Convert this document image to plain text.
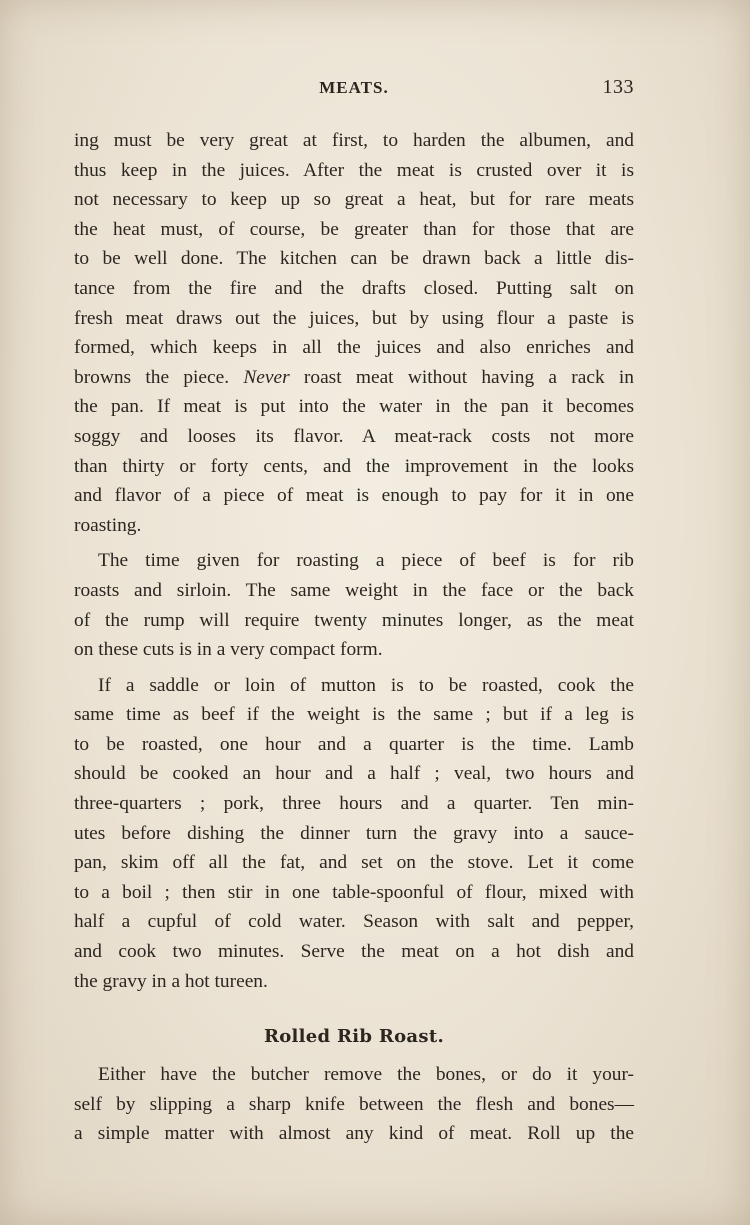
MEATS.	133
ing must be very great at first, to harden the albumen, and
thus keep in the juices. After the meat is crusted over it is
not necessary to keep up so great a heat, but for rare meats
the heat must, of course, be greater than for those that are
to be well done. The kitchen can be drawn back a little dis-
tance from the fire and the drafts closed. Putting salt on
fresh meat draws out the juices, but by using flour a paste is
formed, which keeps in all the juices and also enriches and
browns the piece. Never roast meat without having a rack in
the pan. If meat is put into the water in the pan it becomes
soggy and looses its flavor. A meat-rack costs not more
than thirty or forty cents, and the improvement in the looks
and flavor of a piece of meat is enough to pay for it in one
roasting.
The time given for roasting a piece of beef is for rib
roasts and sirloin. The same weight in the face or the back
of the rump will require twenty minutes longer, as the meat
on these cuts is in a very compact form.
If a saddle or loin of mutton is to be roasted, cook the
same time as beef if the weight is the same ; but if a leg is
to be roasted, one hour and a quarter is the time. Lamb
should be cooked an hour and a half ; veal, two hours and
three-quarters ; pork, three hours and a quarter. Ten min-
utes before dishing the dinner turn the gravy into a sauce-
pan, skim off all the fat, and set on the stove. Let it come
to a boil ; then stir in one table-spoonful of flour, mixed with
half a cupful of cold water. Season with salt and pepper,
and cook two minutes. Serve the meat on a hot dish and
the gravy in a hot tureen.
Rolled Rib Roast.
Either have the butcher remove the bones, or do it your-
self by slipping a sharp knife between the flesh and bones—
a simple matter with almost any kind of meat. Roll up the
